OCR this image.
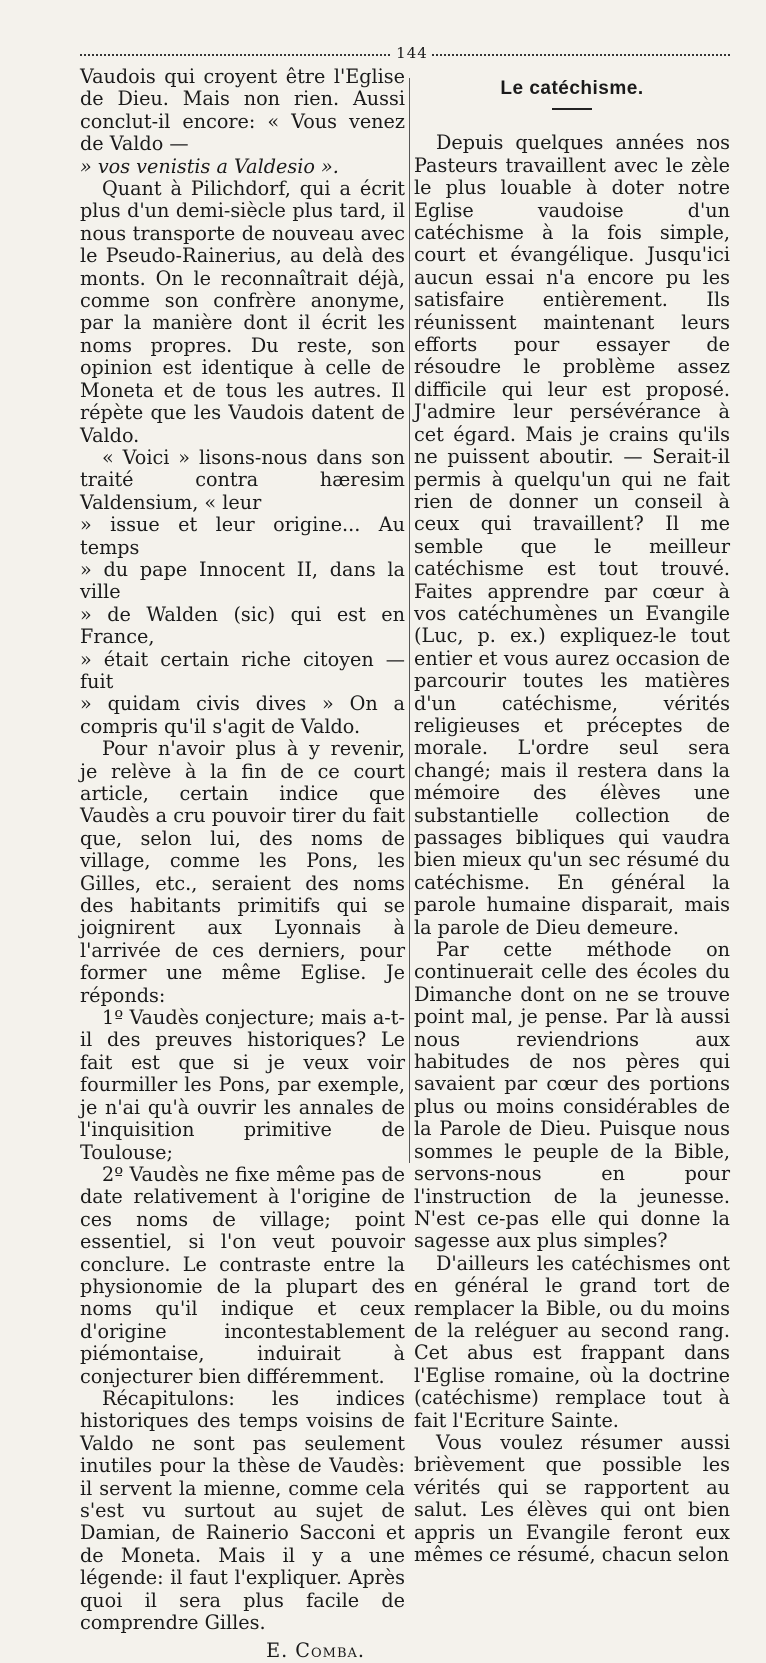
144

Vaudois qui croyent être l'Eglise de Dieu. Mais non rien. Aussi conclut-il encore: « Vous venez de Valdo —

» vos venistis a Valdesio ».

Quant à Pilichdorf, qui a écrit plus d'un demi-siècle plus tard, il nous transporte de nouveau avec le Pseudo-Rainerius, au delà des monts. On le reconnaîtrait déjà, comme son confrère anonyme, par la manière dont il écrit les noms propres. Du reste, son opinion est identique à celle de Moneta et de tous les autres. Il répète que les Vaudois datent de Valdo.

« Voici » lisons-nous dans son traité contra hæresim Valdensium, « leur

» issue et leur origine... Au temps

» du pape Innocent II, dans la ville

» de Walden (sic) qui est en France,

» était certain riche citoyen — fuit

» quidam civis dives » On a compris qu'il s'agit de Valdo.

Pour n'avoir plus à y revenir, je relève à la fin de ce court article, certain indice que Vaudès a cru pouvoir tirer du fait que, selon lui, des noms de village, comme les Pons, les Gilles, etc., seraient des noms des habitants primitifs qui se joignirent aux Lyonnais à l'arrivée de ces derniers, pour former une même Eglise. Je réponds:

1º Vaudès conjecture; mais a-t-il des preuves historiques? Le fait est que si je veux voir fourmiller les Pons, par exemple, je n'ai qu'à ouvrir les annales de l'inquisition primitive de Toulouse;

2º Vaudès ne fixe même pas de date relativement à l'origine de ces noms de village; point essentiel, si l'on veut pouvoir conclure. Le contraste entre la physionomie de la plupart des noms qu'il indique et ceux d'origine incontestablement piémontaise, induirait à conjecturer bien différemment.

Récapitulons: les indices historiques des temps voisins de Valdo ne sont pas seulement inutiles pour la thèse de Vaudès: il servent la mienne, comme cela s'est vu surtout au sujet de Damian, de Rainerio Sacconi et de Moneta. Mais il y a une légende: il faut l'expliquer. Après quoi il sera plus facile de comprendre Gilles.

E. Comba.

Le catéchisme.

Depuis quelques années nos Pasteurs travaillent avec le zèle le plus louable à doter notre Eglise vaudoise d'un catéchisme à la fois simple, court et évangélique. Jusqu'ici aucun essai n'a encore pu les satisfaire entièrement. Ils réunissent maintenant leurs efforts pour essayer de résoudre le problème assez difficile qui leur est proposé. J'admire leur persévérance à cet égard. Mais je crains qu'ils ne puissent aboutir. — Serait-il permis à quelqu'un qui ne fait rien de donner un conseil à ceux qui travaillent? Il me semble que le meilleur catéchisme est tout trouvé. Faites apprendre par cœur à vos catéchumènes un Evangile (Luc, p. ex.) expliquez-le tout entier et vous aurez occasion de parcourir toutes les matières d'un catéchisme, vérités religieuses et préceptes de morale. L'ordre seul sera changé; mais il restera dans la mémoire des élèves une substantielle collection de passages bibliques qui vaudra bien mieux qu'un sec résumé du catéchisme. En général la parole humaine disparait, mais la parole de Dieu demeure.

Par cette méthode on continuerait celle des écoles du Dimanche dont on ne se trouve point mal, je pense. Par là aussi nous reviendrions aux habitudes de nos pères qui savaient par cœur des portions plus ou moins considérables de la Parole de Dieu. Puisque nous sommes le peuple de la Bible, servons-nous en pour l'instruction de la jeunesse. N'est ce-pas elle qui donne la sagesse aux plus simples?

D'ailleurs les catéchismes ont en général le grand tort de remplacer la Bible, ou du moins de la reléguer au second rang. Cet abus est frappant dans l'Eglise romaine, où la doctrine (catéchisme) remplace tout à fait l'Ecriture Sainte.

Vous voulez résumer aussi brièvement que possible les vérités qui se rapportent au salut. Les élèves qui ont bien appris un Evangile feront eux mêmes ce résumé, chacun selon
